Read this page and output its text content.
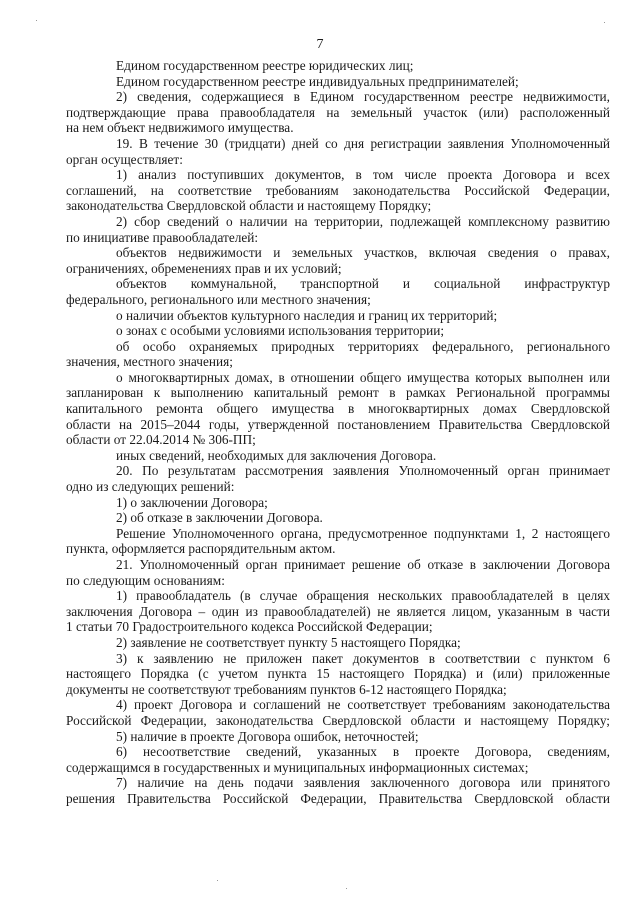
7
Едином государственном реестре юридических лиц;
Едином государственном реестре индивидуальных предпринимателей;
2) сведения, содержащиеся в Едином государственном реестре недвижимости,
подтверждающие права правообладателя на земельный участок (или) расположенный
на нем объект недвижимого имущества.
19. В течение 30 (тридцати) дней со дня регистрации заявления Уполномоченный
орган осуществляет:
1) анализ поступивших документов, в том числе проекта Договора и всех
соглашений, на соответствие требованиям законодательства Российской Федерации,
законодательства Свердловской области и настоящему Порядку;
2) сбор сведений о наличии на территории, подлежащей комплексному развитию
по инициативе правообладателей:
объектов недвижимости и земельных участков, включая сведения о правах,
ограничениях, обременениях прав и их условий;
объектов коммунальной, транспортной и социальной инфраструктур
федерального, регионального или местного значения;
о наличии объектов культурного наследия и границ их территорий;
о зонах с особыми условиями использования территории;
об особо охраняемых природных территориях федерального, регионального
значения, местного значения;
о многоквартирных домах, в отношении общего имущества которых выполнен или
запланирован к выполнению капитальный ремонт в рамках Региональной программы
капитального ремонта общего имущества в многоквартирных домах Свердловской
области на 2015–2044 годы, утвержденной постановлением Правительства Свердловской
области от 22.04.2014 № 306-ПП;
иных сведений, необходимых для заключения Договора.
20. По результатам рассмотрения заявления Уполномоченный орган принимает
одно из следующих решений:
1) о заключении Договора;
2) об отказе в заключении Договора.
Решение Уполномоченного органа, предусмотренное подпунктами 1, 2 настоящего
пункта, оформляется распорядительным актом.
21. Уполномоченный орган принимает решение об отказе в заключении Договора
по следующим основаниям:
1) правообладатель (в случае обращения нескольких правообладателей в целях
заключения Договора – один из правообладателей) не является лицом, указанным в части
1 статьи 70 Градостроительного кодекса Российской Федерации;
2) заявление не соответствует пункту 5 настоящего Порядка;
3) к заявлению не приложен пакет документов в соответствии с пунктом 6
настоящего Порядка (с учетом пункта 15 настоящего Порядка) и (или) приложенные
документы не соответствуют требованиям пунктов 6-12 настоящего Порядка;
4) проект Договора и соглашений не соответствует требованиям законодательства
Российской Федерации, законодательства Свердловской области и настоящему Порядку;
5) наличие в проекте Договора ошибок, неточностей;
6) несоответствие сведений, указанных в проекте Договора, сведениям,
содержащимся в государственных и муниципальных информационных системах;
7) наличие на день подачи заявления заключенного договора или принятого
решения Правительства Российской Федерации, Правительства Свердловской области
